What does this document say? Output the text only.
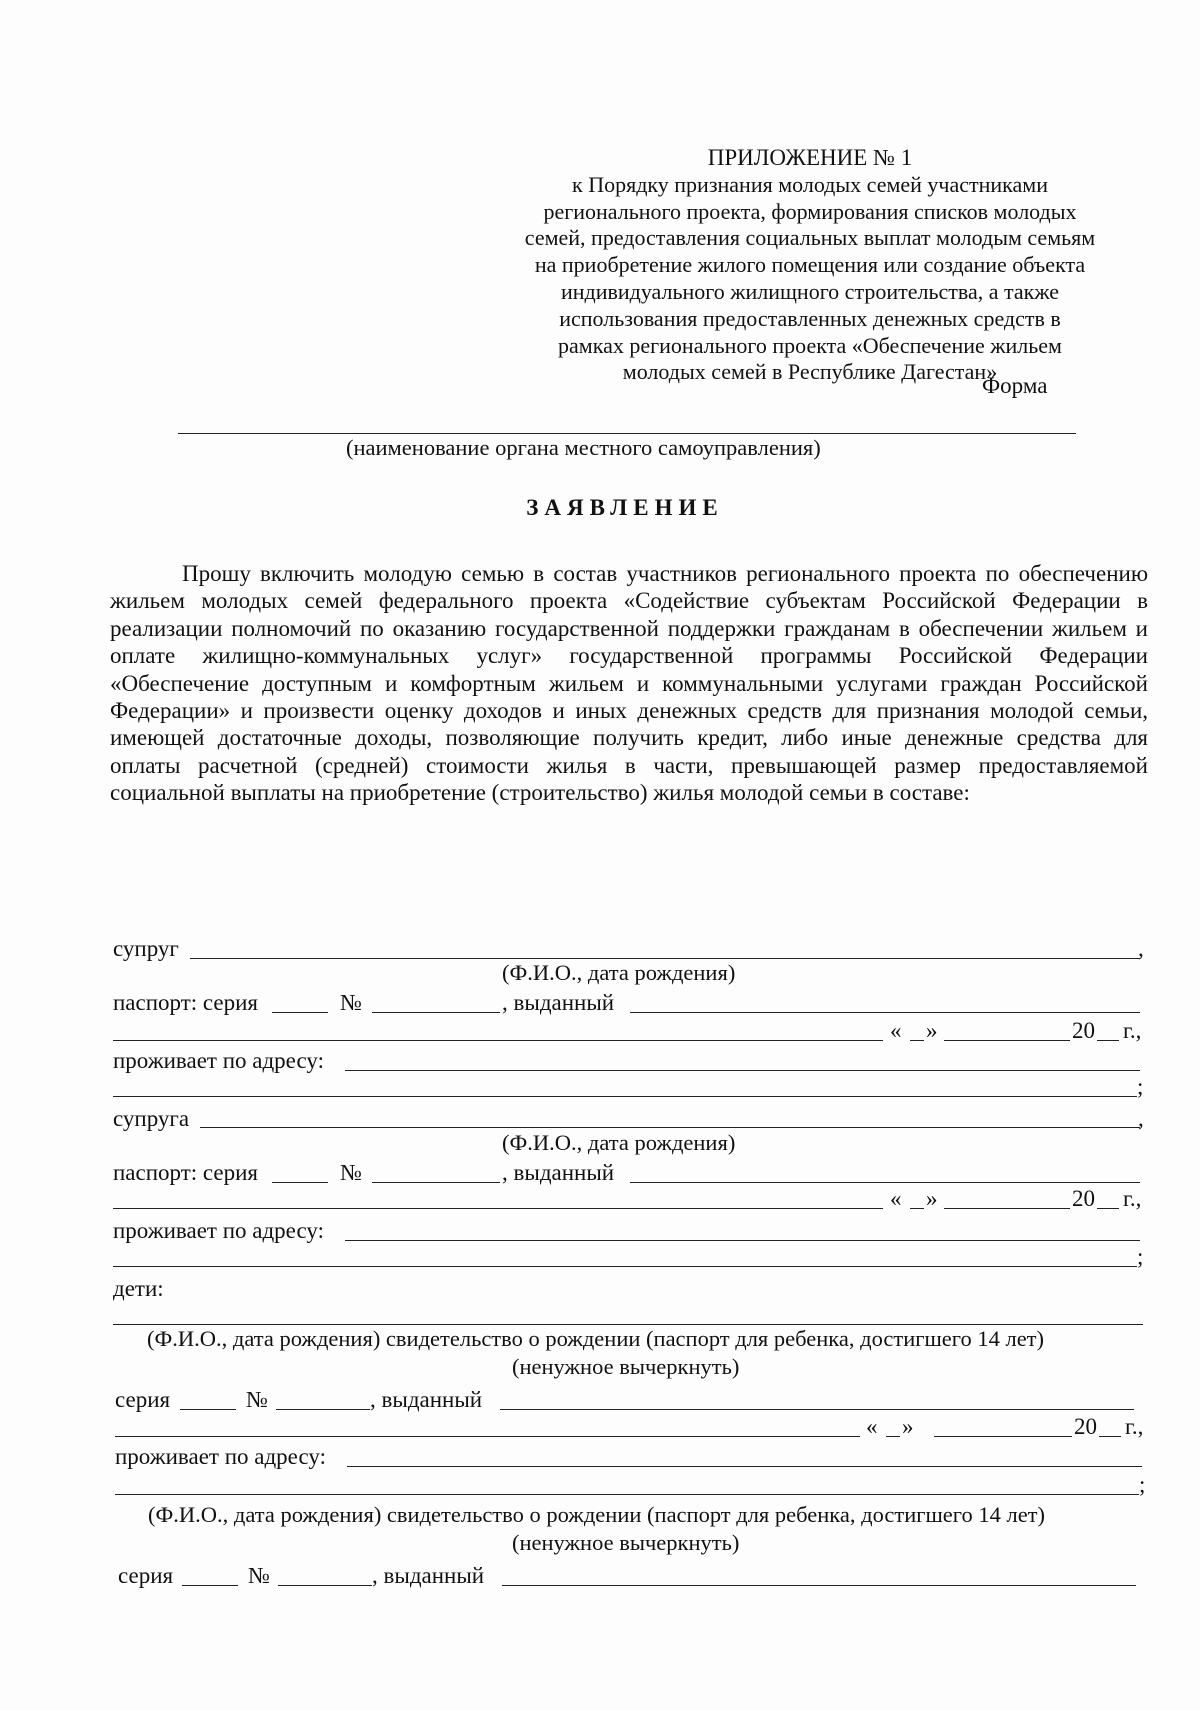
ПРИЛОЖЕНИЕ № 1
к Порядку признания молодых семей участниками
регионального проекта, формирования списков молодых
семей, предоставления социальных выплат молодым семьям
на приобретение жилого помещения или создание объекта
индивидуального жилищного строительства, а также
использования предоставленных денежных средств в
рамках регионального проекта «Обеспечение жильем
молодых семей в Республике Дагестан»
Форма
(наименование органа местного самоуправления)
ЗАЯВЛЕНИЕ
Прошу включить молодую семью в состав участников регионального проекта по обеспечению жильем молодых семей федерального проекта «Содействие субъектам Российской Федерации в реализации полномочий по оказанию государственной поддержки гражданам в обеспечении жильем и оплате жилищно-коммунальных услуг» государственной программы Российской Федерации «Обеспечение доступным и комфортным жильем и коммунальными услугами граждан Российской Федерации» и произвести оценку доходов и иных денежных средств для признания молодой семьи, имеющей достаточные доходы, позволяющие получить кредит, либо иные денежные средства для оплаты расчетной (средней) стоимости жилья в части, превышающей размер предоставляемой социальной выплаты на приобретение (строительство) жилья молодой семьи в составе:
супруг	,
(Ф.И.О., дата рождения)
паспорт: серия	№	, выданный
« »	20 г.,
проживает по адресу:
;
супруга	,
(Ф.И.О., дата рождения)
паспорт: серия	№	, выданный
« »	20 г.,
проживает по адресу:
;
дети:
(Ф.И.О., дата рождения) свидетельство о рождении (паспорт для ребенка, достигшего 14 лет)
(ненужное вычеркнуть)
серия	№	, выданный
« »	20 г.,
проживает по адресу:
;
(Ф.И.О., дата рождения) свидетельство о рождении (паспорт для ребенка, достигшего 14 лет)
(ненужное вычеркнуть)
серия	№	, выданный
